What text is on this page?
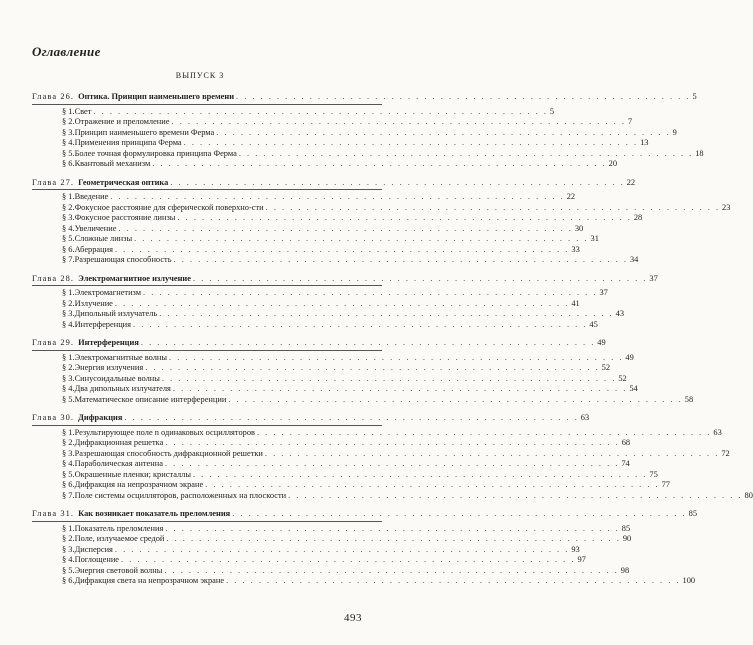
Оглавление
ВЫПУСК 3
Глава 26. Оптика. Принцип наименьшего времени . . . . . . . . . . . . . . . . . . . . . . . . . . . . . . . . . . . . . . . . . . . . . . . . . . . . . . . . 5
§ 1. Свет . . . . . . . . . . . . . . . . . . . . . . . . . . . . . . . . . . . . . . . . . . . . . . . . . . . . . . . . 5
§ 2. Отражение и преломление . . . . . . . . . . . . . . . . . . . . . . . . . . . . . . . . . . . . . . . . . . . . . . . . . . . . . . . . 7
§ 3. Принцип наименьшего времени Ферма . . . . . . . . . . . . . . . . . . . . . . . . . . . . . . . . . . . . . . . . . . . . . . . . . . . . . . . . 9
§ 4. Применения принципа Ферма . . . . . . . . . . . . . . . . . . . . . . . . . . . . . . . . . . . . . . . . . . . . . . . . . . . . . . . . 13
§ 5. Более точная формулировка принципа Ферма . . . . . . . . . . . . . . . . . . . . . . . . . . . . . . . . . . . . . . . . . . . . . . . . . . . . . . . . 18
§ 6. Квантовый механизм . . . . . . . . . . . . . . . . . . . . . . . . . . . . . . . . . . . . . . . . . . . . . . . . . . . . . . . . 20
Глава 27. Геометрическая оптика . . . . . . . . . . . . . . . . . . . . . . . . . . . . . . . . . . . . . . . . . . . . . . . . . . . . . . . . 22
§ 1. Введение . . . . . . . . . . . . . . . . . . . . . . . . . . . . . . . . . . . . . . . . . . . . . . . . . . . . . . . . 22
§ 2. Фокусное расстояние для сферической поверхно-сти . . . . . . . . . . . . . . . . . . . . . . . . . . . . . . . . . . . . . . . . . . . . . . . . . . . . . . . . 23
§ 3. Фокусное расстояние линзы . . . . . . . . . . . . . . . . . . . . . . . . . . . . . . . . . . . . . . . . . . . . . . . . . . . . . . . . 28
§ 4. Увеличение . . . . . . . . . . . . . . . . . . . . . . . . . . . . . . . . . . . . . . . . . . . . . . . . . . . . . . . . 30
§ 5. Сложные линзы . . . . . . . . . . . . . . . . . . . . . . . . . . . . . . . . . . . . . . . . . . . . . . . . . . . . . . . . 31
§ 6. Аберрация . . . . . . . . . . . . . . . . . . . . . . . . . . . . . . . . . . . . . . . . . . . . . . . . . . . . . . . . 33
§ 7. Разрешающая способность . . . . . . . . . . . . . . . . . . . . . . . . . . . . . . . . . . . . . . . . . . . . . . . . . . . . . . . . 34
Глава 28. Электромагнитное излучение . . . . . . . . . . . . . . . . . . . . . . . . . . . . . . . . . . . . . . . . . . . . . . . . . . . . . . . . 37
§ 1. Электромагнетизм . . . . . . . . . . . . . . . . . . . . . . . . . . . . . . . . . . . . . . . . . . . . . . . . . . . . . . . . 37
§ 2. Излучение . . . . . . . . . . . . . . . . . . . . . . . . . . . . . . . . . . . . . . . . . . . . . . . . . . . . . . . . 41
§ 3. Дипольный излучатель . . . . . . . . . . . . . . . . . . . . . . . . . . . . . . . . . . . . . . . . . . . . . . . . . . . . . . . . 43
§ 4. Интерференция . . . . . . . . . . . . . . . . . . . . . . . . . . . . . . . . . . . . . . . . . . . . . . . . . . . . . . . . 45
Глава 29. Интерференция . . . . . . . . . . . . . . . . . . . . . . . . . . . . . . . . . . . . . . . . . . . . . . . . . . . . . . . . 49
§ 1. Электромагнитные волны . . . . . . . . . . . . . . . . . . . . . . . . . . . . . . . . . . . . . . . . . . . . . . . . . . . . . . . . 49
§ 2. Энергия излучения . . . . . . . . . . . . . . . . . . . . . . . . . . . . . . . . . . . . . . . . . . . . . . . . . . . . . . . . 52
§ 3. Синусоидальные волны . . . . . . . . . . . . . . . . . . . . . . . . . . . . . . . . . . . . . . . . . . . . . . . . . . . . . . . . 52
§ 4. Два дипольных излучателя . . . . . . . . . . . . . . . . . . . . . . . . . . . . . . . . . . . . . . . . . . . . . . . . . . . . . . . . 54
§ 5. Математическое описание интерференции . . . . . . . . . . . . . . . . . . . . . . . . . . . . . . . . . . . . . . . . . . . . . . . . . . . . . . . . 58
Глава 30. Дифракция . . . . . . . . . . . . . . . . . . . . . . . . . . . . . . . . . . . . . . . . . . . . . . . . . . . . . . . . 63
§ 1. Результирующее поле n одинаковых осцилляторов . . . . . . . . . . . . . . . . . . . . . . . . . . . . . . . . . . . . . . . . . . . . . . . . . . . . . . . . 63
§ 2. Дифракционная решетка . . . . . . . . . . . . . . . . . . . . . . . . . . . . . . . . . . . . . . . . . . . . . . . . . . . . . . . . 68
§ 3. Разрешающая способность дифракционной решетки . . . . . . . . . . . . . . . . . . . . . . . . . . . . . . . . . . . . . . . . . . . . . . . . . . . . . . . . 72
§ 4. Параболическая антенна . . . . . . . . . . . . . . . . . . . . . . . . . . . . . . . . . . . . . . . . . . . . . . . . . . . . . . . . 74
§ 5. Окрашенные пленки; кристаллы . . . . . . . . . . . . . . . . . . . . . . . . . . . . . . . . . . . . . . . . . . . . . . . . . . . . . . . . 75
§ 6. Дифракция на непрозрачном экране . . . . . . . . . . . . . . . . . . . . . . . . . . . . . . . . . . . . . . . . . . . . . . . . . . . . . . . . 77
§ 7. Поле системы осцилляторов, расположенных на плоскости . . . . . . . . . . . . . . . . . . . . . . . . . . . . . . . . . . . . . . . . . . . . . . . . . . . . . . . . 80
Глава 31. Как возникает показатель преломления . . . . . . . . . . . . . . . . . . . . . . . . . . . . . . . . . . . . . . . . . . . . . . . . . . . . . . . . 85
§ 1. Показатель преломления . . . . . . . . . . . . . . . . . . . . . . . . . . . . . . . . . . . . . . . . . . . . . . . . . . . . . . . . 85
§ 2. Поле, излучаемое средой . . . . . . . . . . . . . . . . . . . . . . . . . . . . . . . . . . . . . . . . . . . . . . . . . . . . . . . . 90
§ 3. Дисперсия . . . . . . . . . . . . . . . . . . . . . . . . . . . . . . . . . . . . . . . . . . . . . . . . . . . . . . . . 93
§ 4. Поглощение . . . . . . . . . . . . . . . . . . . . . . . . . . . . . . . . . . . . . . . . . . . . . . . . . . . . . . . . 97
§ 5. Энергия световой волны . . . . . . . . . . . . . . . . . . . . . . . . . . . . . . . . . . . . . . . . . . . . . . . . . . . . . . . . 98
§ 6. Дифракция света на непрозрачном экране . . . . . . . . . . . . . . . . . . . . . . . . . . . . . . . . . . . . . . . . . . . . . . . . . . . . . . . . 100
493
